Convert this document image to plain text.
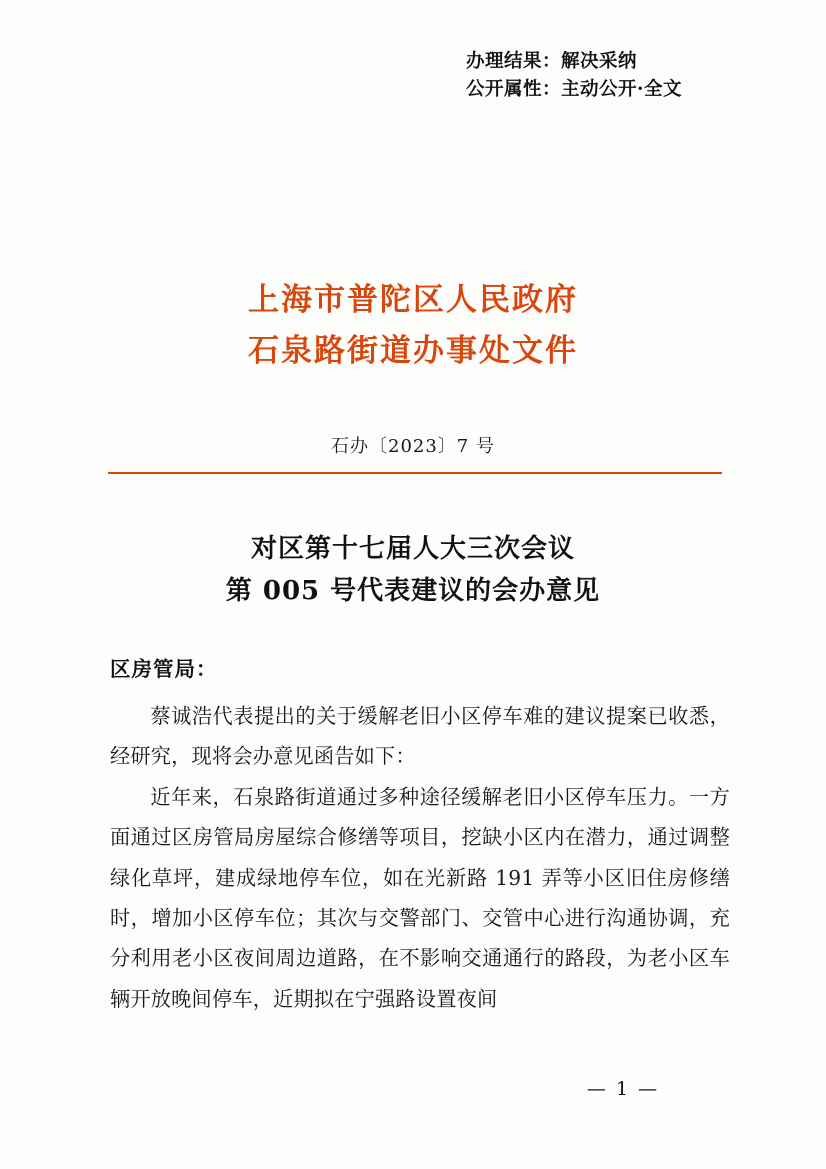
办理结果：解决采纳
公开属性：主动公开·全文
上海市普陀区人民政府
石泉路街道办事处文件
石办〔2023〕7 号
对区第十七届人大三次会议
第 005 号代表建议的会办意见
区房管局：

蔡诚浩代表提出的关于缓解老旧小区停车难的建议提案已收悉，经研究，现将会办意见函告如下：

近年来，石泉路街道通过多种途径缓解老旧小区停车压力。一方面通过区房管局房屋综合修缮等项目，挖缺小区内在潜力，通过调整绿化草坪，建成绿地停车位，如在光新路 191 弄等小区旧住房修缮时，增加小区停车位；其次与交警部门、交管中心进行沟通协调，充分利用老小区夜间周边道路，在不影响交通通行的路段，为老小区车辆开放晚间停车，近期拟在宁强路设置夜间

— 1 —
